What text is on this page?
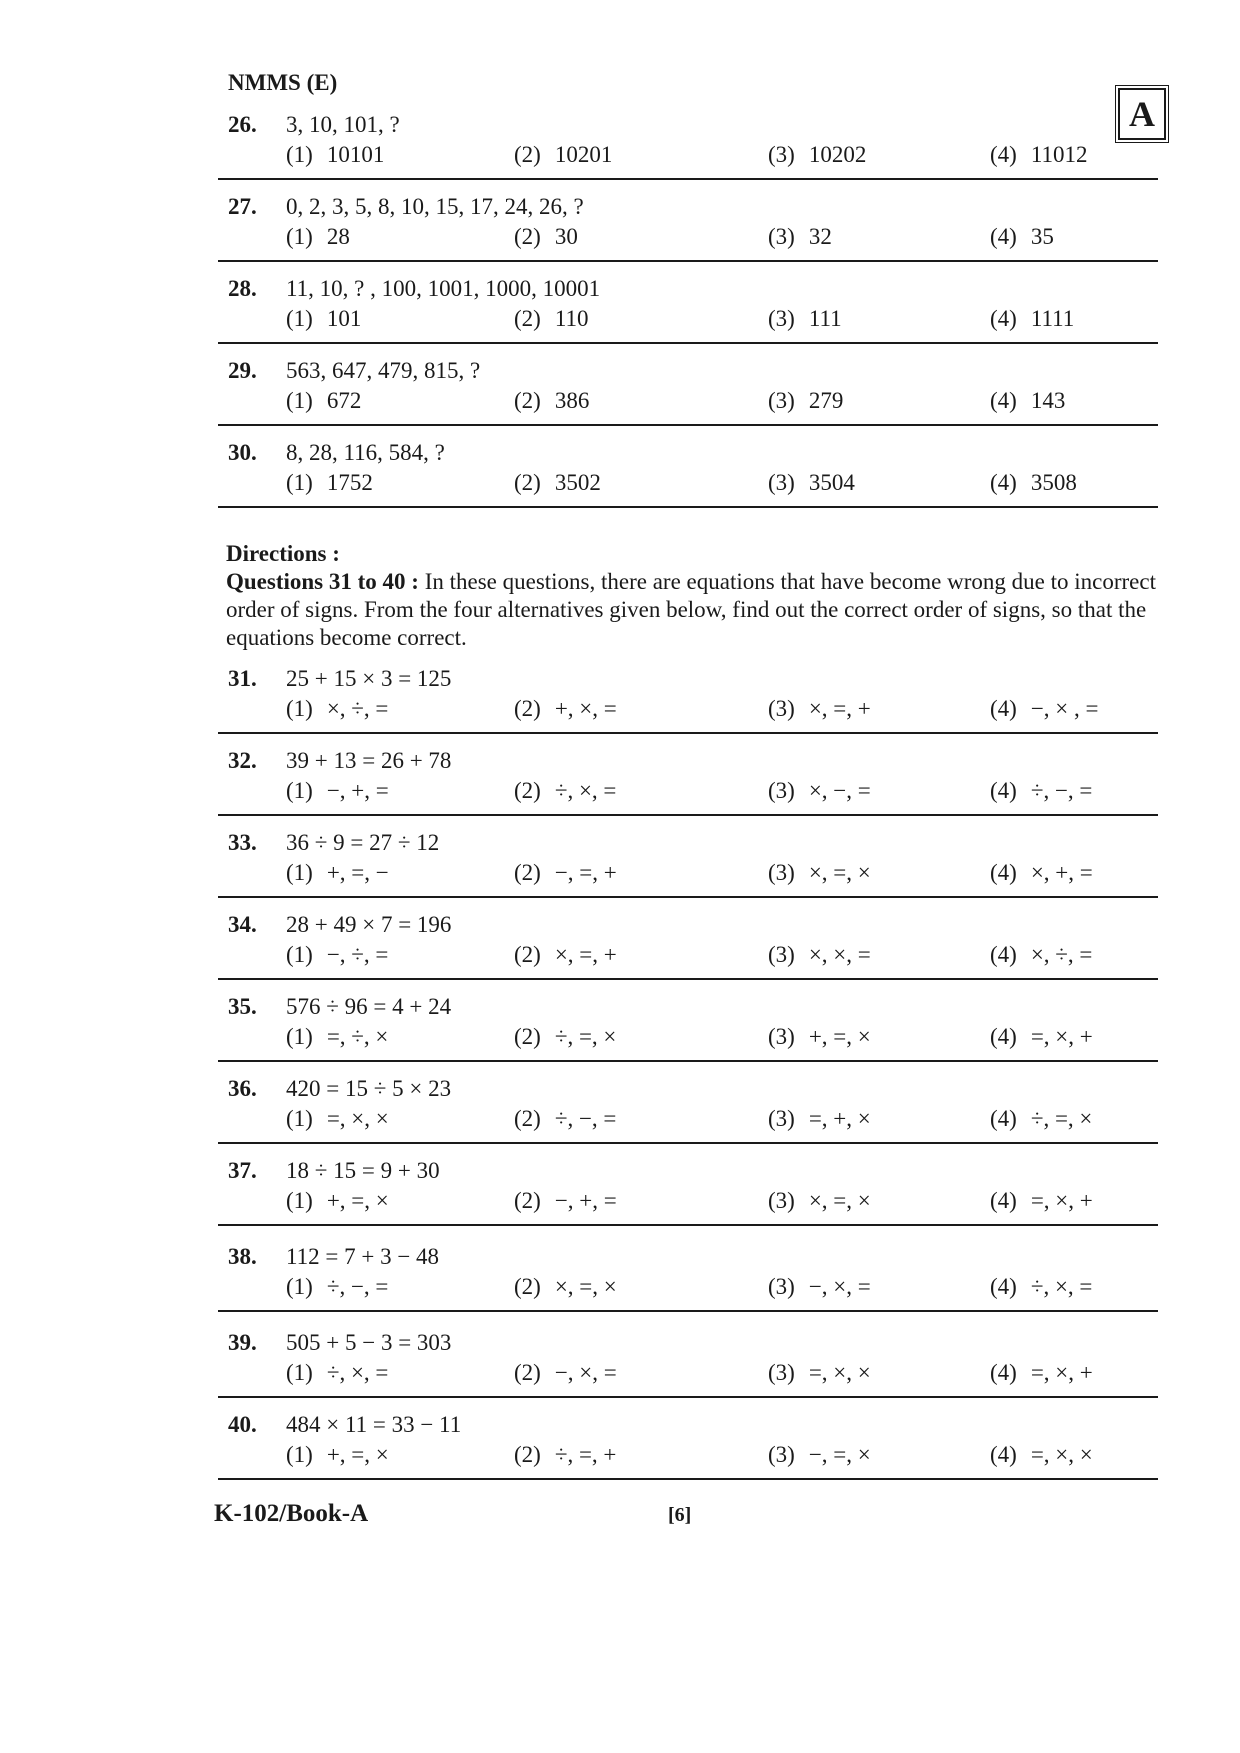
NMMS (E)
A
26. 3, 10, 101, ?
(1) 10101	(2) 10201	(3) 10202	(4) 11012
27. 0, 2, 3, 5, 8, 10, 15, 17, 24, 26, ?
(1) 28	(2) 30	(3) 32	(4) 35
28. 11, 10, ? , 100, 1001, 1000, 10001
(1) 101	(2) 110	(3) 111	(4) 1111
29. 563, 647, 479, 815, ?
(1) 672	(2) 386	(3) 279	(4) 143
30. 8, 28, 116, 584, ?
(1) 1752	(2) 3502	(3) 3504	(4) 3508
Directions :
Questions 31 to 40 : In these questions, there are equations that have become wrong due to incorrect order of signs. From the four alternatives given below, find out the correct order of signs, so that the equations become correct.
31. 25 + 15 × 3 = 125
(1) ×, ÷, =	(2) +, ×, =	(3) ×, =, +	(4) −, × , =
32. 39 + 13 = 26 + 78
(1) −, +, =	(2) ÷, ×, =	(3) ×, −, =	(4) ÷, −, =
33. 36 ÷ 9 = 27 ÷ 12
(1) +, =, −	(2) −, =, +	(3) ×, =, ×	(4) ×, +, =
34. 28 + 49 × 7 = 196
(1) −, ÷, =	(2) ×, =, +	(3) ×, ×, =	(4) ×, ÷, =
35. 576 ÷ 96 = 4 + 24
(1) =, ÷, ×	(2) ÷, =, ×	(3) +, =, ×	(4) =, ×, +
36. 420 = 15 ÷ 5 × 23
(1) =, ×, ×	(2) ÷, −, =	(3) =, +, ×	(4) ÷, =, ×
37. 18 ÷ 15 = 9 + 30
(1) +, =, ×	(2) −, +, =	(3) ×, =, ×	(4) =, ×, +
38. 112 = 7 + 3 − 48
(1) ÷, −, =	(2) ×, =, ×	(3) −, ×, =	(4) ÷, ×, =
39. 505 + 5 − 3 = 303
(1) ÷, ×, =	(2) −, ×, =	(3) =, ×, ×	(4) =, ×, +
40. 484 × 11 = 33 − 11
(1) +, =, ×	(2) ÷, =, +	(3) −, =, ×	(4) =, ×, ×
K-102/Book-A	[6]
